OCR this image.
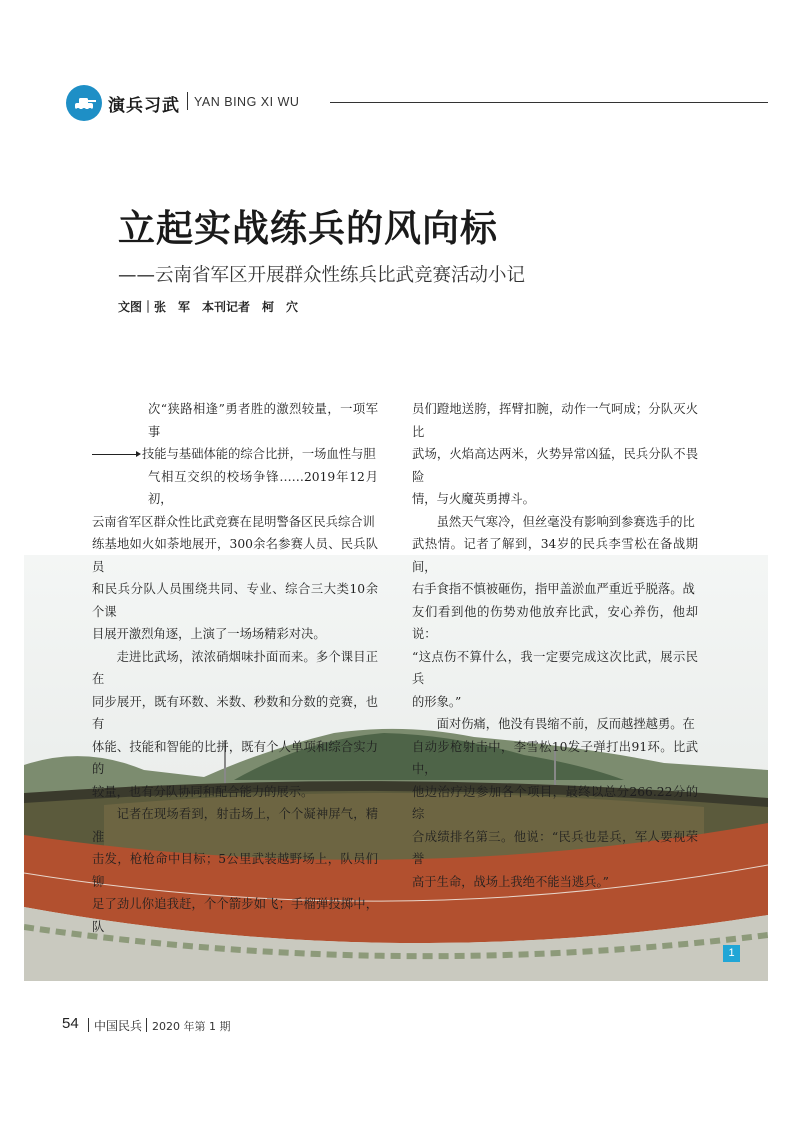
演兵习武 YAN BING XI WU
立起实战练兵的风向标
——云南省军区开展群众性练兵比武竞赛活动小记
文图｜张　军　本刊记者　柯　穴
1

次“狭路相逢”勇者胜的激烈较量，一项军事

技能与基础体能的综合比拼，一场血性与胆

气相互交织的校场争锋……2019年12月初，

云南省军区群众性比武竞赛在昆明警备区民兵综合训

练基地如火如荼地展开，300余名参赛人员、民兵队员

和民兵分队人员围绕共同、专业、综合三大类10余个课

目展开激烈角逐，上演了一场场精彩对决。

走进比武场，浓浓硝烟味扑面而来。多个课目正在

同步展开，既有环数、米数、秒数和分数的竞赛，也有

体能、技能和智能的比拼，既有个人单项和综合实力的

较量，也有分队协同和配合能力的展示。

记者在现场看到，射击场上，个个凝神屏气，精准

击发，枪枪命中目标；5公里武装越野场上，队员们铆

足了劲儿你追我赶，个个箭步如飞；手榴弹投掷中，队

员们蹬地送胯，挥臂扣腕，动作一气呵成；分队灭火比

武场，火焰高达两米，火势异常凶猛，民兵分队不畏险

情，与火魔英勇搏斗。

虽然天气寒冷，但丝毫没有影响到参赛选手的比

武热情。记者了解到，34岁的民兵李雪松在备战期间，

右手食指不慎被砸伤，指甲盖淤血严重近乎脱落。战

友们看到他的伤势劝他放弃比武，安心养伤，他却说：

“这点伤不算什么，我一定要完成这次比武，展示民兵

的形象。”

面对伤痛，他没有畏缩不前，反而越挫越勇。在

自动步枪射击中，李雪松10发子弹打出91环。比武中，

他边治疗边参加各个项目，最终以总分266.22分的综

合成绩排名第三。他说：“民兵也是兵，军人要视荣誉

高于生命，战场上我绝不能当逃兵。”

54 中国民兵 2020 年第 1 期
